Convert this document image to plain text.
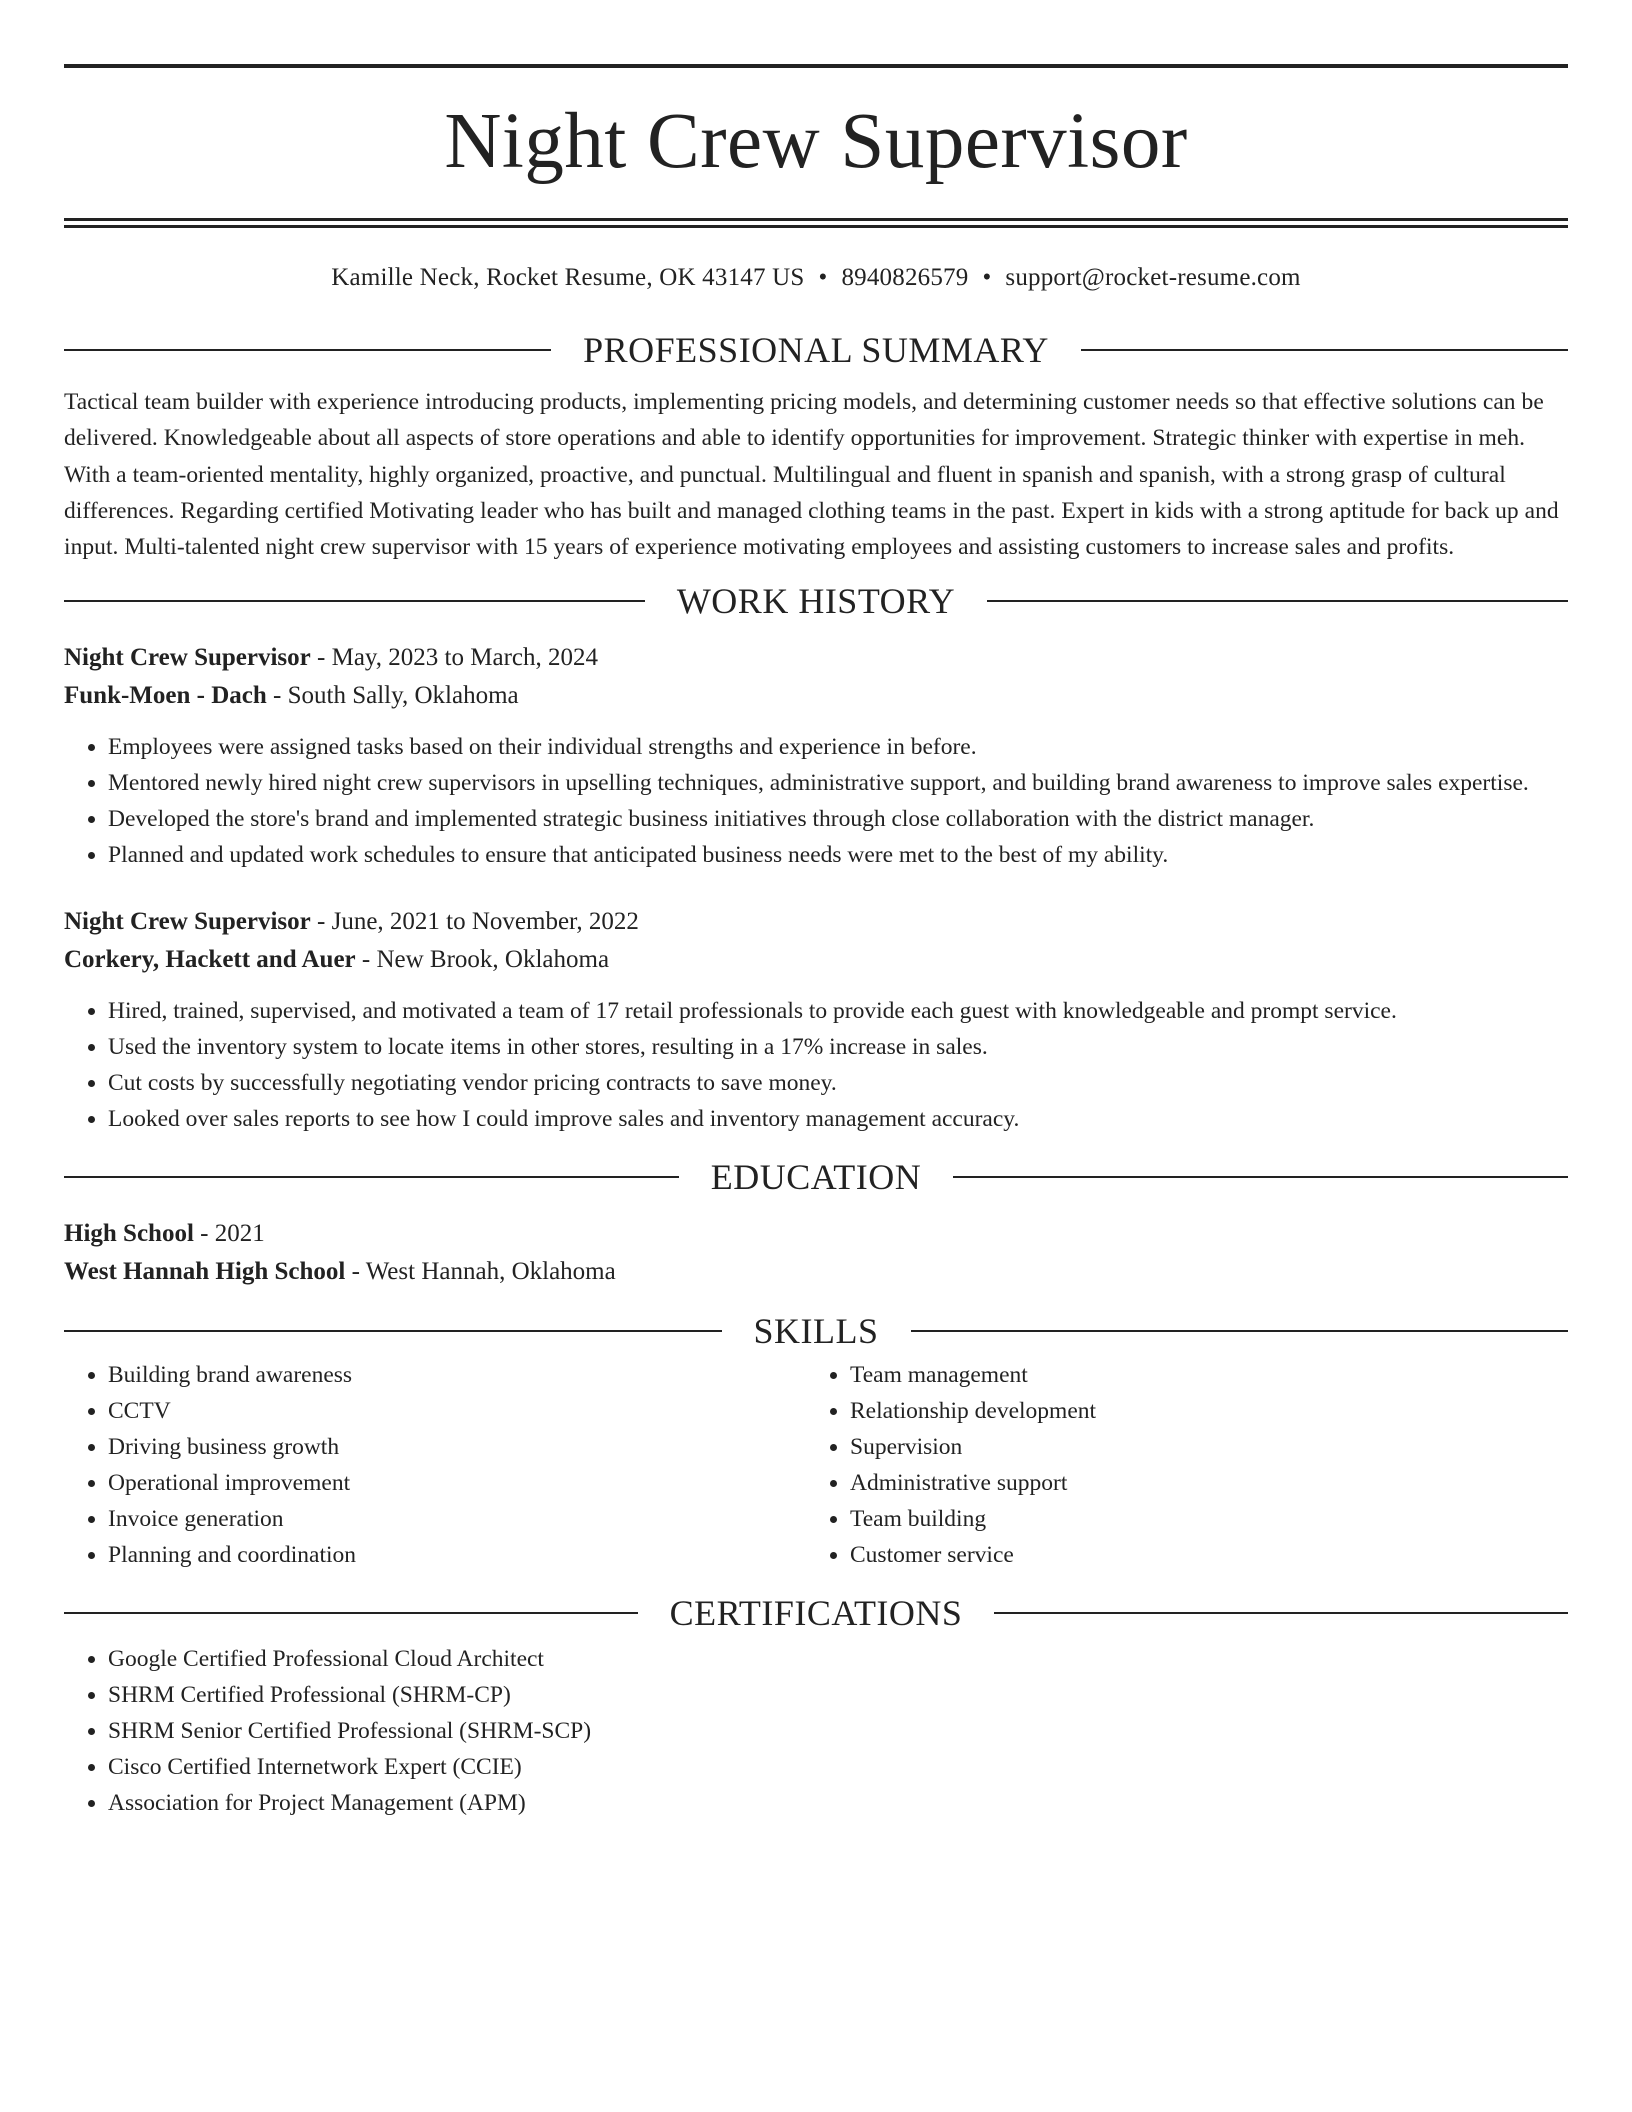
Night Crew Supervisor
Kamille Neck, Rocket Resume, OK 43147 US • 8940826579 • support@rocket-resume.com
PROFESSIONAL SUMMARY
Tactical team builder with experience introducing products, implementing pricing models, and determining customer needs so that effective solutions can be delivered. Knowledgeable about all aspects of store operations and able to identify opportunities for improvement. Strategic thinker with expertise in meh. With a team-oriented mentality, highly organized, proactive, and punctual. Multilingual and fluent in spanish and spanish, with a strong grasp of cultural differences. Regarding certified Motivating leader who has built and managed clothing teams in the past. Expert in kids with a strong aptitude for back up and input. Multi-talented night crew supervisor with 15 years of experience motivating employees and assisting customers to increase sales and profits.
WORK HISTORY
Night Crew Supervisor - May, 2023 to March, 2024
Funk-Moen - Dach - South Sally, Oklahoma
• Employees were assigned tasks based on their individual strengths and experience in before.
• Mentored newly hired night crew supervisors in upselling techniques, administrative support, and building brand awareness to improve sales expertise.
• Developed the store's brand and implemented strategic business initiatives through close collaboration with the district manager.
• Planned and updated work schedules to ensure that anticipated business needs were met to the best of my ability.
Night Crew Supervisor - June, 2021 to November, 2022
Corkery, Hackett and Auer - New Brook, Oklahoma
• Hired, trained, supervised, and motivated a team of 17 retail professionals to provide each guest with knowledgeable and prompt service.
• Used the inventory system to locate items in other stores, resulting in a 17% increase in sales.
• Cut costs by successfully negotiating vendor pricing contracts to save money.
• Looked over sales reports to see how I could improve sales and inventory management accuracy.
EDUCATION
High School - 2021
West Hannah High School - West Hannah, Oklahoma
SKILLS
• Building brand awareness
• CCTV
• Driving business growth
• Operational improvement
• Invoice generation
• Planning and coordination
• Team management
• Relationship development
• Supervision
• Administrative support
• Team building
• Customer service
CERTIFICATIONS
• Google Certified Professional Cloud Architect
• SHRM Certified Professional (SHRM-CP)
• SHRM Senior Certified Professional (SHRM-SCP)
• Cisco Certified Internetwork Expert (CCIE)
• Association for Project Management (APM)
